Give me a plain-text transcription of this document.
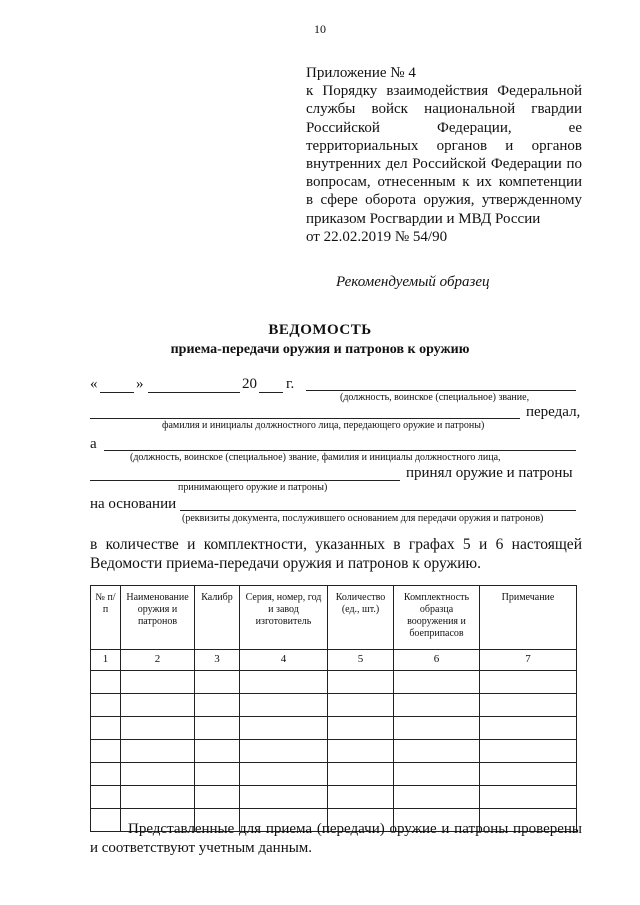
10
Приложение № 4
к Порядку взаимодействия Федеральной
службы войск национальной гвардии
Российской Федерации, ее
территориальных органов и органов
внутренних дел Российской Федерации по
вопросам, отнесенным к их компетенции
в сфере оборота оружия, утвержденному
приказом Росгвардии и МВД России
от 22.02.2019 № 54/90
Рекомендуемый образец
ВЕДОМОСТЬ
приема-передачи оружия и патронов к оружию
«	»	20 г.
(должность, воинское (специальное) звание,
передал,
фамилия и инициалы должностного лица, передающего оружие и патроны)
а
(должность, воинское (специальное) звание, фамилия и инициалы должностного лица,
принял оружие и патроны
принимающего оружие и патроны)
на основании
(реквизиты документа, послужившего основанием для передачи оружия и патронов)
в количестве и комплектности, указанных в графах 5 и 6 настоящей Ведомости приема-передачи оружия и патронов к оружию.
№ п/п	Наименование оружия и патронов	Калибр	Серия, номер, год и завод изготовитель	Количество (ед., шт.)	Комплектность образца вооружения и боеприпасов	Примечание
1	2	3	4	5	6	7

Представленные для приема (передачи) оружие и патроны проверены и соответствуют учетным данным.
